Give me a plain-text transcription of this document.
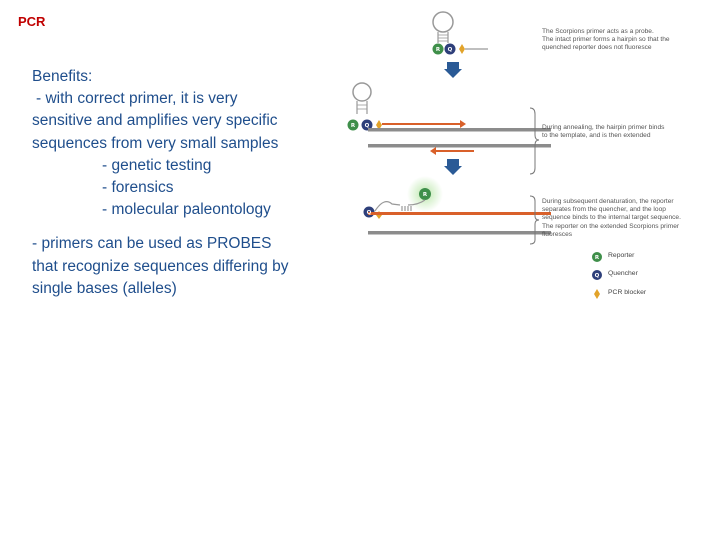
PCR
Benefits:
- with correct primer, it is very
sensitive and amplifies very specific
sequences from very small samples
- genetic testing
- forensics
- molecular paleontology
- primers can be used as PROBES
that recognize sequences differing by
single bases (alleles)
R Q
R Q
R
Q
R
Q
The Scorpions primer acts as a probe.
The intact primer forms a hairpin so that the
quenched reporter does not fluoresce
During annealing, the hairpin primer binds
to the template, and is then extended
During subsequent denaturation, the reporter
separates from the quencher, and the loop
sequence binds to the internal target sequence.
The reporter on the extended Scorpions primer
fluoresces
Reporter
Quencher
PCR blocker
